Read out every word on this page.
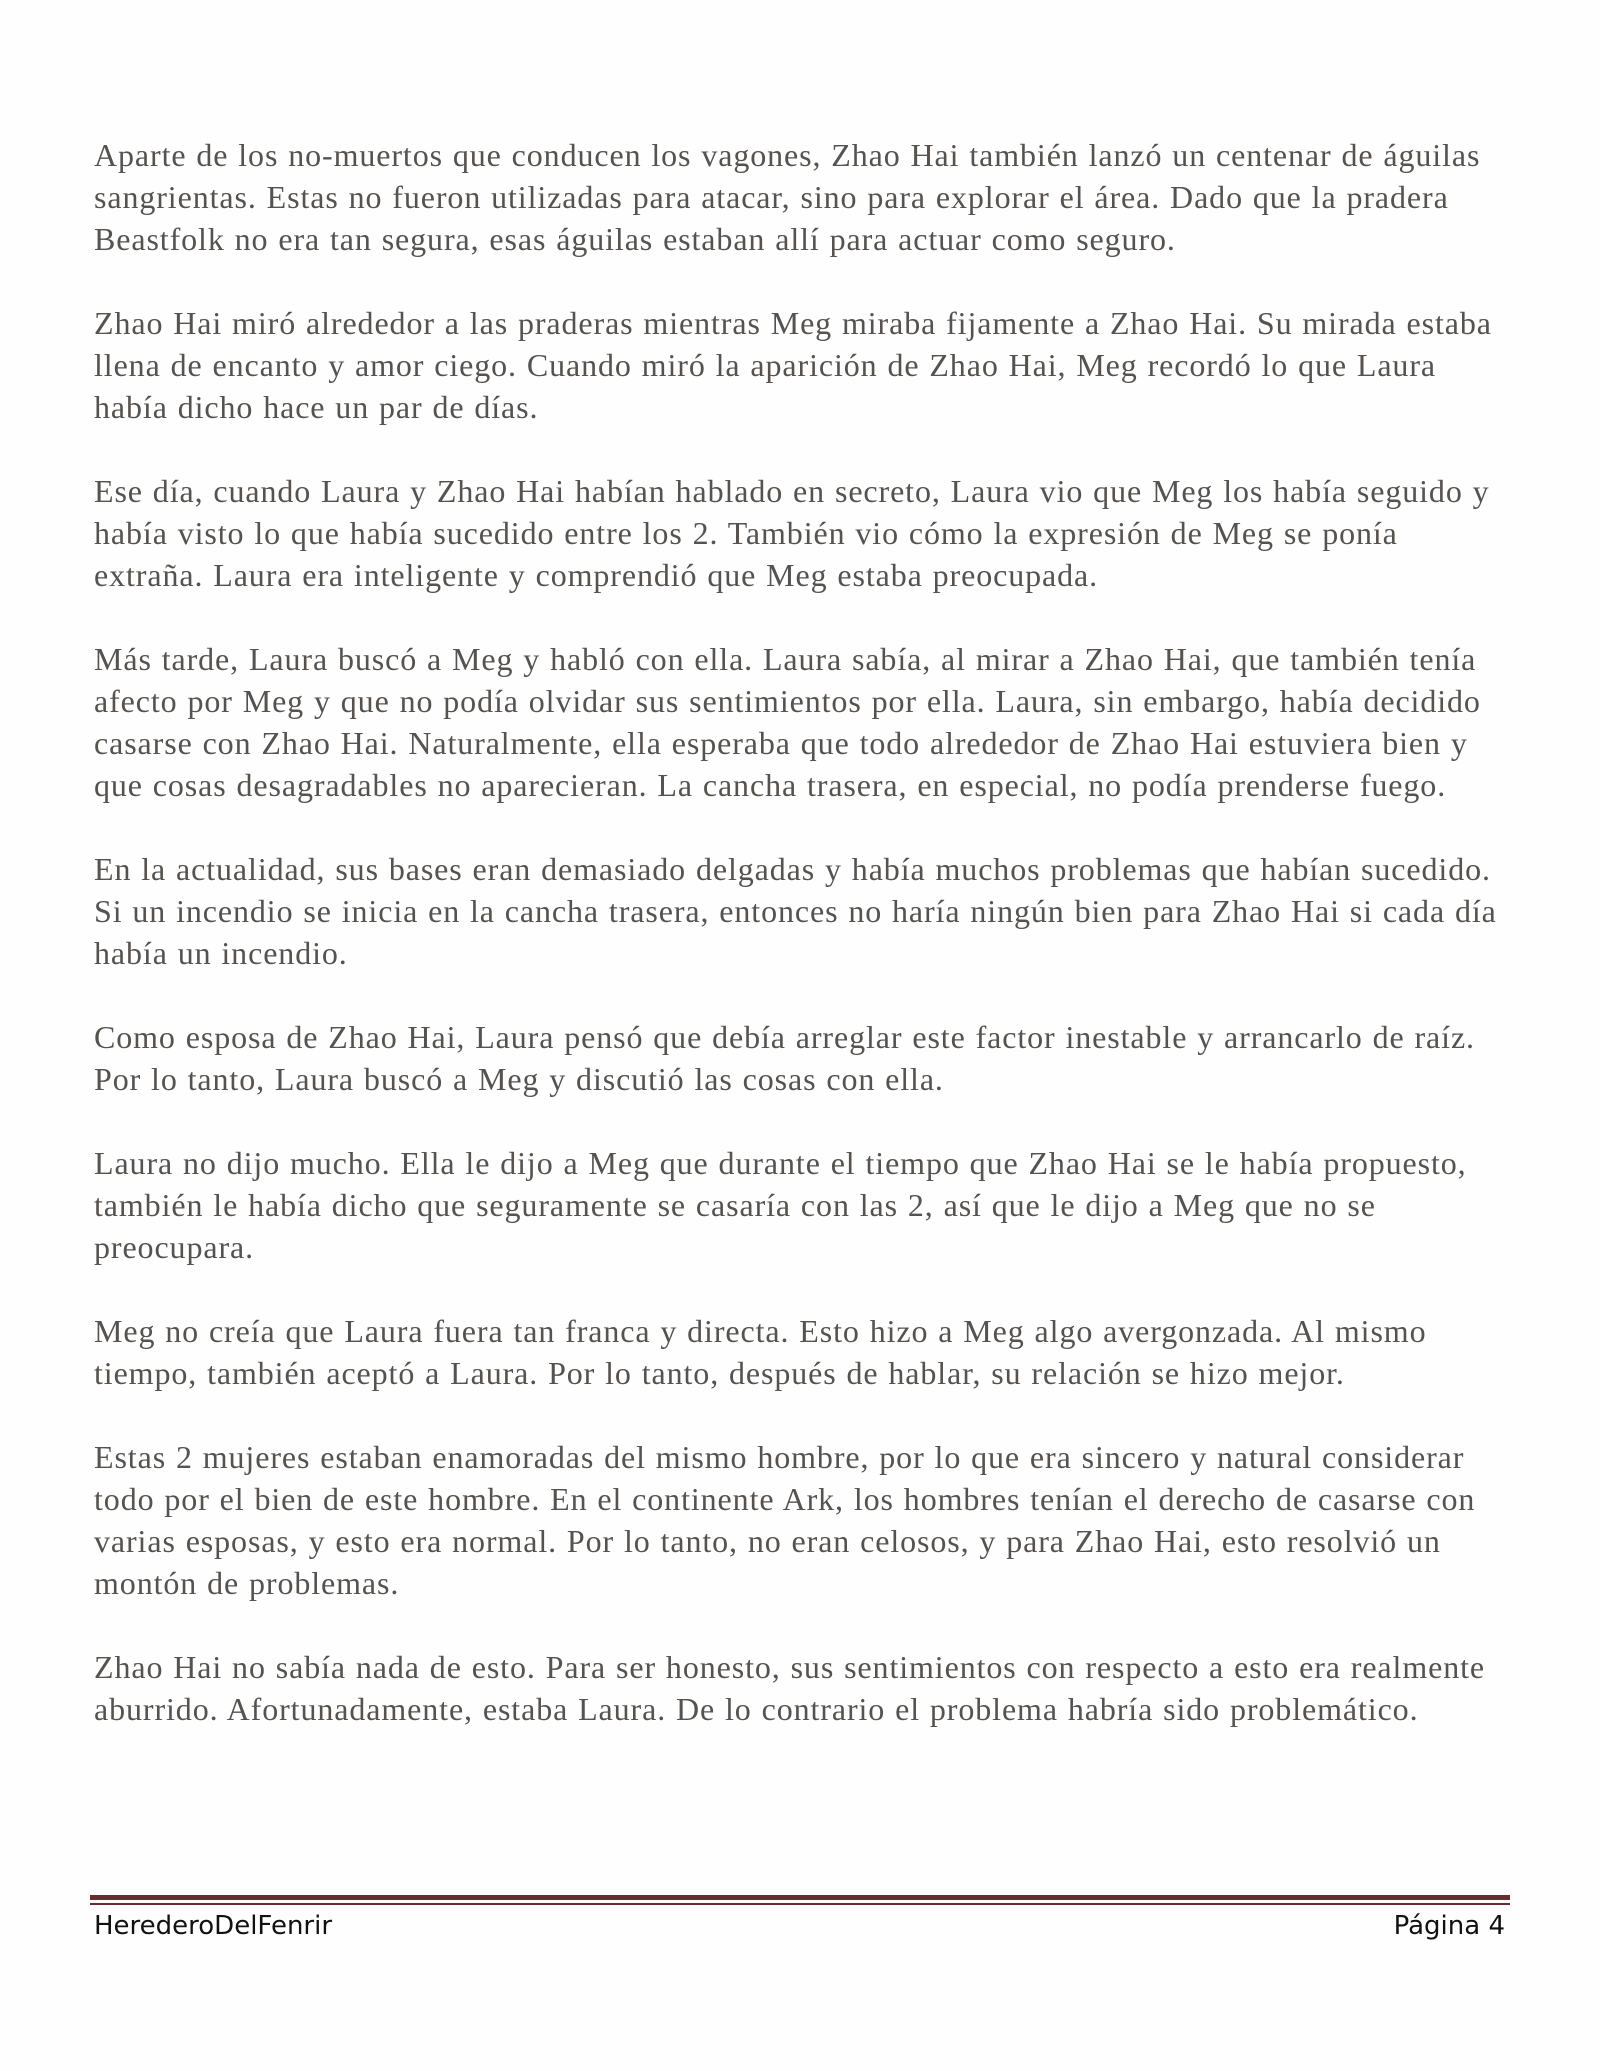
Aparte de los no-muertos que conducen los vagones, Zhao Hai también lanzó un centenar de águilas sangrientas. Estas no fueron utilizadas para atacar, sino para explorar el área. Dado que la pradera Beastfolk no era tan segura, esas águilas estaban allí para actuar como seguro.

Zhao Hai miró alrededor a las praderas mientras Meg miraba fijamente a Zhao Hai. Su mirada estaba llena de encanto y amor ciego. Cuando miró la aparición de Zhao Hai, Meg recordó lo que Laura había dicho hace un par de días.

Ese día, cuando Laura y Zhao Hai habían hablado en secreto, Laura vio que Meg los había seguido y había visto lo que había sucedido entre los 2. También vio cómo la expresión de Meg se ponía extraña. Laura era inteligente y comprendió que Meg estaba preocupada.

Más tarde, Laura buscó a Meg y habló con ella. Laura sabía, al mirar a Zhao Hai, que también tenía afecto por Meg y que no podía olvidar sus sentimientos por ella. Laura, sin embargo, había decidido casarse con Zhao Hai. Naturalmente, ella esperaba que todo alrededor de Zhao Hai estuviera bien y que cosas desagradables no aparecieran. La cancha trasera, en especial, no podía prenderse fuego.

En la actualidad, sus bases eran demasiado delgadas y había muchos problemas que habían sucedido. Si un incendio se inicia en la cancha trasera, entonces no haría ningún bien para Zhao Hai si cada día había un incendio.

Como esposa de Zhao Hai, Laura pensó que debía arreglar este factor inestable y arrancarlo de raíz. Por lo tanto, Laura buscó a Meg y discutió las cosas con ella.

Laura no dijo mucho. Ella le dijo a Meg que durante el tiempo que Zhao Hai se le había propuesto, también le había dicho que seguramente se casaría con las 2, así que le dijo a Meg que no se preocupara.

Meg no creía que Laura fuera tan franca y directa. Esto hizo a Meg algo avergonzada. Al mismo tiempo, también aceptó a Laura. Por lo tanto, después de hablar, su relación se hizo mejor.

Estas 2 mujeres estaban enamoradas del mismo hombre, por lo que era sincero y natural considerar todo por el bien de este hombre. En el continente Ark, los hombres tenían el derecho de casarse con varias esposas, y esto era normal. Por lo tanto, no eran celosos, y para Zhao Hai, esto resolvió un montón de problemas.

Zhao Hai no sabía nada de esto. Para ser honesto, sus sentimientos con respecto a esto era realmente aburrido. Afortunadamente, estaba Laura. De lo contrario el problema habría sido problemático.

HerederoDelFenrir	Página 4
